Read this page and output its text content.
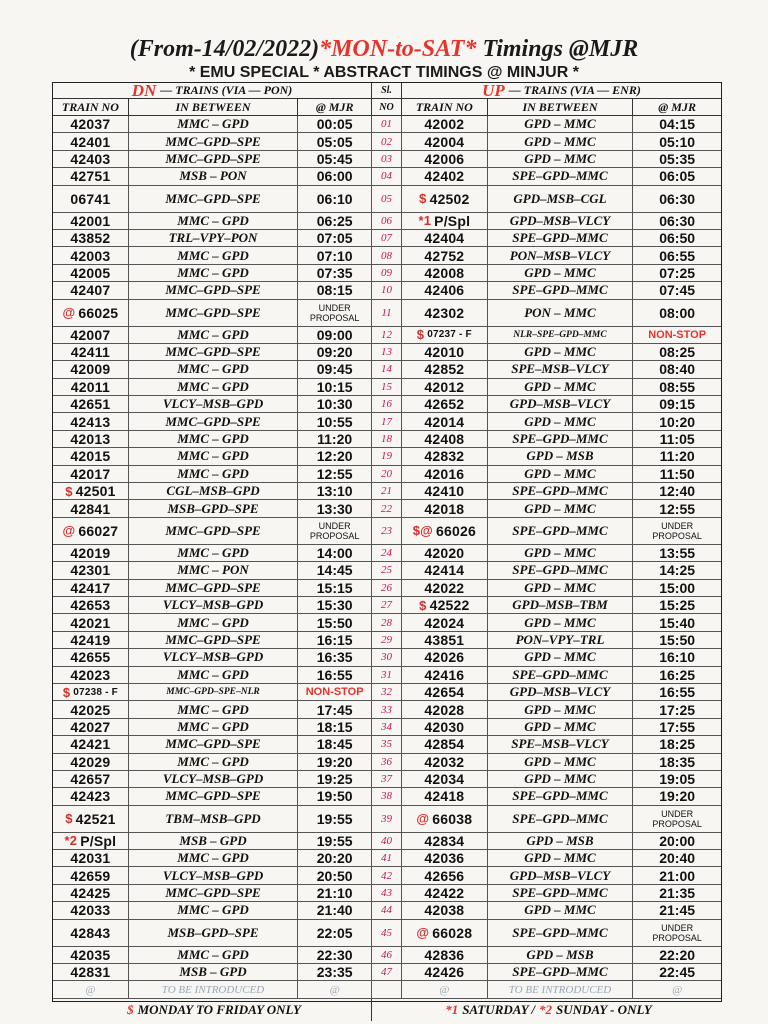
(From-14/02/2022)*MON-to-SAT* Timings @MJR
* EMU SPECIAL * ABSTRACT TIMINGS @ MINJUR *
DN — TRAINS (VIA — PON)	Sl.	UP — TRAINS (VIA — ENR)
TRAIN NO	IN BETWEEN	@ MJR	NO	TRAIN NO	IN BETWEEN	@ MJR
42037	MMC – GPD	00:05	01	42002	GPD – MMC	04:15
42401	MMC–GPD–SPE	05:05	02	42004	GPD – MMC	05:10
42403	MMC–GPD–SPE	05:45	03	42006	GPD – MMC	05:35
42751	MSB – PON	06:00	04	42402	SPE–GPD–MMC	06:05
06741	MMC–GPD–SPE	06:10	05	$ 42502	GPD–MSB–CGL	06:30
42001	MMC – GPD	06:25	06	*1 P/Spl	GPD–MSB–VLCY	06:30
43852	TRL–VPY–PON	07:05	07	42404	SPE–GPD–MMC	06:50
42003	MMC – GPD	07:10	08	42752	PON–MSB–VLCY	06:55
42005	MMC – GPD	07:35	09	42008	GPD – MMC	07:25
42407	MMC–GPD–SPE	08:15	10	42406	SPE–GPD–MMC	07:45
@ 66025	MMC–GPD–SPE	UNDER PROPOSAL	11	42302	PON – MMC	08:00
42007	MMC – GPD	09:00	12	$ 07237 - F	NLR–SPE–GPD–MMC	NON-STOP
42411	MMC–GPD–SPE	09:20	13	42010	GPD – MMC	08:25
42009	MMC – GPD	09:45	14	42852	SPE–MSB–VLCY	08:40
42011	MMC – GPD	10:15	15	42012	GPD – MMC	08:55
42651	VLCY–MSB–GPD	10:30	16	42652	GPD–MSB–VLCY	09:15
42413	MMC–GPD–SPE	10:55	17	42014	GPD – MMC	10:20
42013	MMC – GPD	11:20	18	42408	SPE–GPD–MMC	11:05
42015	MMC – GPD	12:20	19	42832	GPD – MSB	11:20
42017	MMC – GPD	12:55	20	42016	GPD – MMC	11:50
$ 42501	CGL–MSB–GPD	13:10	21	42410	SPE–GPD–MMC	12:40
42841	MSB–GPD–SPE	13:30	22	42018	GPD – MMC	12:55
@ 66027	MMC–GPD–SPE	UNDER PROPOSAL	23	$@ 66026	SPE–GPD–MMC	UNDER PROPOSAL
42019	MMC – GPD	14:00	24	42020	GPD – MMC	13:55
42301	MMC – PON	14:45	25	42414	SPE–GPD–MMC	14:25
42417	MMC–GPD–SPE	15:15	26	42022	GPD – MMC	15:00
42653	VLCY–MSB–GPD	15:30	27	$ 42522	GPD–MSB–TBM	15:25
42021	MMC – GPD	15:50	28	42024	GPD – MMC	15:40
42419	MMC–GPD–SPE	16:15	29	43851	PON–VPY–TRL	15:50
42655	VLCY–MSB–GPD	16:35	30	42026	GPD – MMC	16:10
42023	MMC – GPD	16:55	31	42416	SPE–GPD–MMC	16:25
$ 07238 - F	MMC–GPD–SPE–NLR	NON-STOP	32	42654	GPD–MSB–VLCY	16:55
42025	MMC – GPD	17:45	33	42028	GPD – MMC	17:25
42027	MMC – GPD	18:15	34	42030	GPD – MMC	17:55
42421	MMC–GPD–SPE	18:45	35	42854	SPE–MSB–VLCY	18:25
42029	MMC – GPD	19:20	36	42032	GPD – MMC	18:35
42657	VLCY–MSB–GPD	19:25	37	42034	GPD – MMC	19:05
42423	MMC–GPD–SPE	19:50	38	42418	SPE–GPD–MMC	19:20
$ 42521	TBM–MSB–GPD	19:55	39	@ 66038	SPE–GPD–MMC	UNDER PROPOSAL
*2 P/Spl	MSB – GPD	19:55	40	42834	GPD – MSB	20:00
42031	MMC – GPD	20:20	41	42036	GPD – MMC	20:40
42659	VLCY–MSB–GPD	20:50	42	42656	GPD–MSB–VLCY	21:00
42425	MMC–GPD–SPE	21:10	43	42422	SPE–GPD–MMC	21:35
42033	MMC – GPD	21:40	44	42038	GPD – MMC	21:45
42843	MSB–GPD–SPE	22:05	45	@ 66028	SPE–GPD–MMC	UNDER PROPOSAL
42035	MMC – GPD	22:30	46	42836	GPD – MSB	22:20
42831	MSB – GPD	23:35	47	42426	SPE–GPD–MMC	22:45
@	TO BE INTRODUCED	@	@	TO BE INTRODUCED	@
$ MONDAY TO FRIDAY ONLY	*1 SATURDAY / *2 SUNDAY - ONLY
